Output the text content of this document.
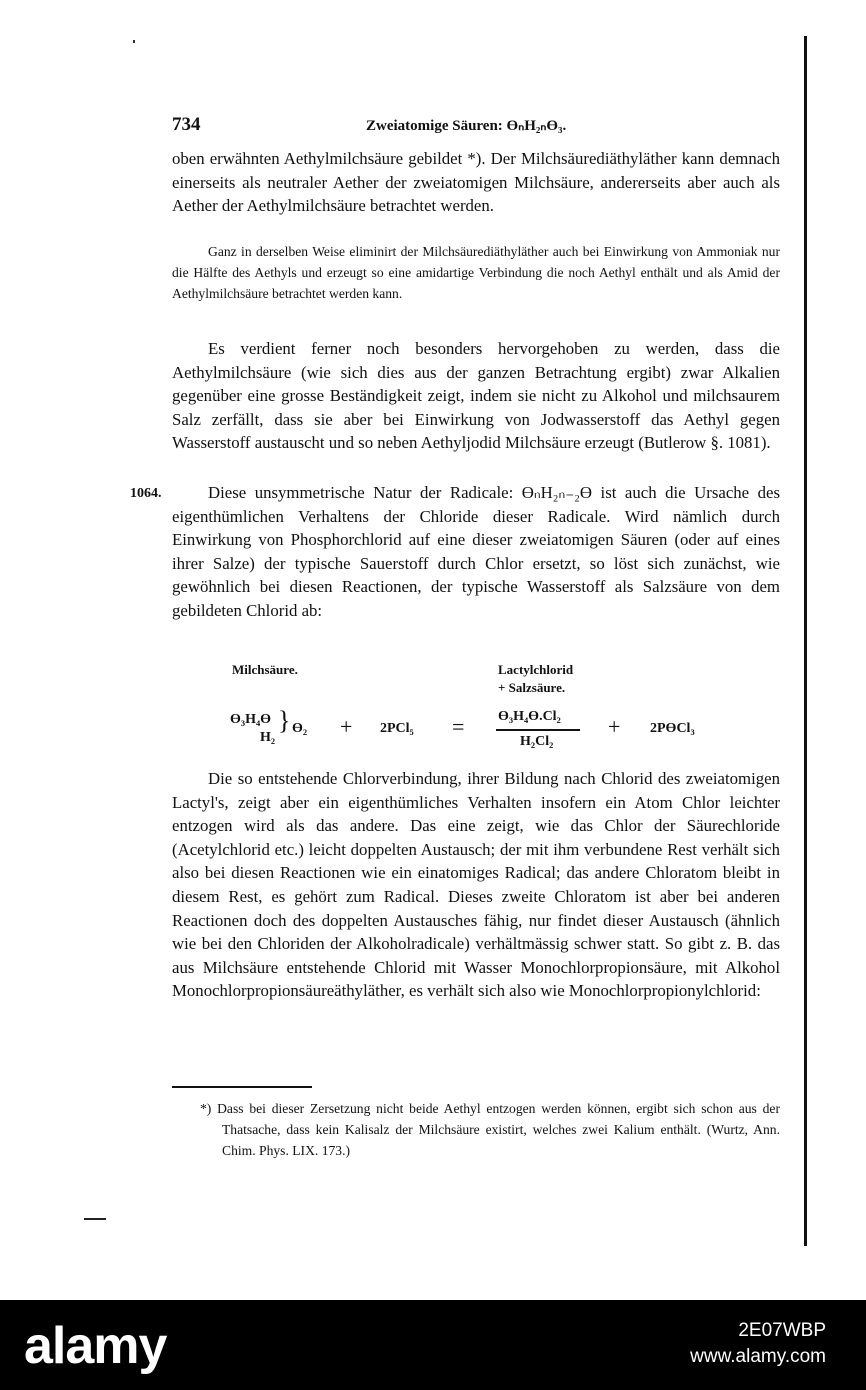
734	Zweiatomige Säuren: ϴₙH₂ₙϴ₃.
oben erwähnten Aethylmilchsäure gebildet *). Der Milchsäurediäthyläther kann demnach einerseits als neutraler Aether der zweiatomigen Milchsäure, andererseits aber auch als Aether der Aethylmilchsäure betrachtet werden.
Ganz in derselben Weise eliminirt der Milchsäurediäthyläther auch bei Einwirkung von Ammoniak nur die Hälfte des Aethyls und erzeugt so eine amidartige Verbindung die noch Aethyl enthält und als Amid der Aethylmilchsäure betrachtet werden kann.
Es verdient ferner noch besonders hervorgehoben zu werden, dass die Aethylmilchsäure (wie sich dies aus der ganzen Betrachtung ergibt) zwar Alkalien gegenüber eine grosse Beständigkeit zeigt, indem sie nicht zu Alkohol und milchsaurem Salz zerfällt, dass sie aber bei Einwirkung von Jodwasserstoff das Aethyl gegen Wasserstoff austauscht und so neben Aethyljodid Milchsäure erzeugt (Butlerow §. 1081).
1064.	Diese unsymmetrische Natur der Radicale: ϴₙH₂ₙ₋₂ϴ ist auch die Ursache des eigenthümlichen Verhaltens der Chloride dieser Radicale. Wird nämlich durch Einwirkung von Phosphorchlorid auf eine dieser zweiatomigen Säuren (oder auf eines ihrer Salze) der typische Sauerstoff durch Chlor ersetzt, so löst sich zunächst, wie gewöhnlich bei diesen Reactionen, der typische Wasserstoff als Salzsäure von dem gebildeten Chlorid ab:
Milchsäure.	Lactylchlorid
+ Salzsäure.
ϴ₃H₄ϴ
H₂
} ϴ₂ + 2PCl₅ = ϴ₃H₄ϴ.Cl₂
H₂Cl₂
+ 2PϴCl₃
Die so entstehende Chlorverbindung, ihrer Bildung nach Chlorid des zweiatomigen Lactyl's, zeigt aber ein eigenthümliches Verhalten insofern ein Atom Chlor leichter entzogen wird als das andere. Das eine zeigt, wie das Chlor der Säurechloride (Acetylchlorid etc.) leicht doppelten Austausch; der mit ihm verbundene Rest verhält sich also bei diesen Reactionen wie ein einatomiges Radical; das andere Chloratom bleibt in diesem Rest, es gehört zum Radical. Dieses zweite Chloratom ist aber bei anderen Reactionen doch des doppelten Austausches fähig, nur findet dieser Austausch (ähnlich wie bei den Chloriden der Alkoholradicale) verhältmässig schwer statt. So gibt z. B. das aus Milchsäure entstehende Chlorid mit Wasser Monochlorpropionsäure, mit Alkohol Monochlorpropionsäureäthyläther, es verhält sich also wie Monochlorpropionylchlorid:
*) Dass bei dieser Zersetzung nicht beide Aethyl entzogen werden können, ergibt sich schon aus der Thatsache, dass kein Kalisalz der Milchsäure existirt, welches zwei Kalium enthält. (Wurtz, Ann. Chim. Phys. LIX. 173.)
alamy	2E07WBP
www.alamy.com
